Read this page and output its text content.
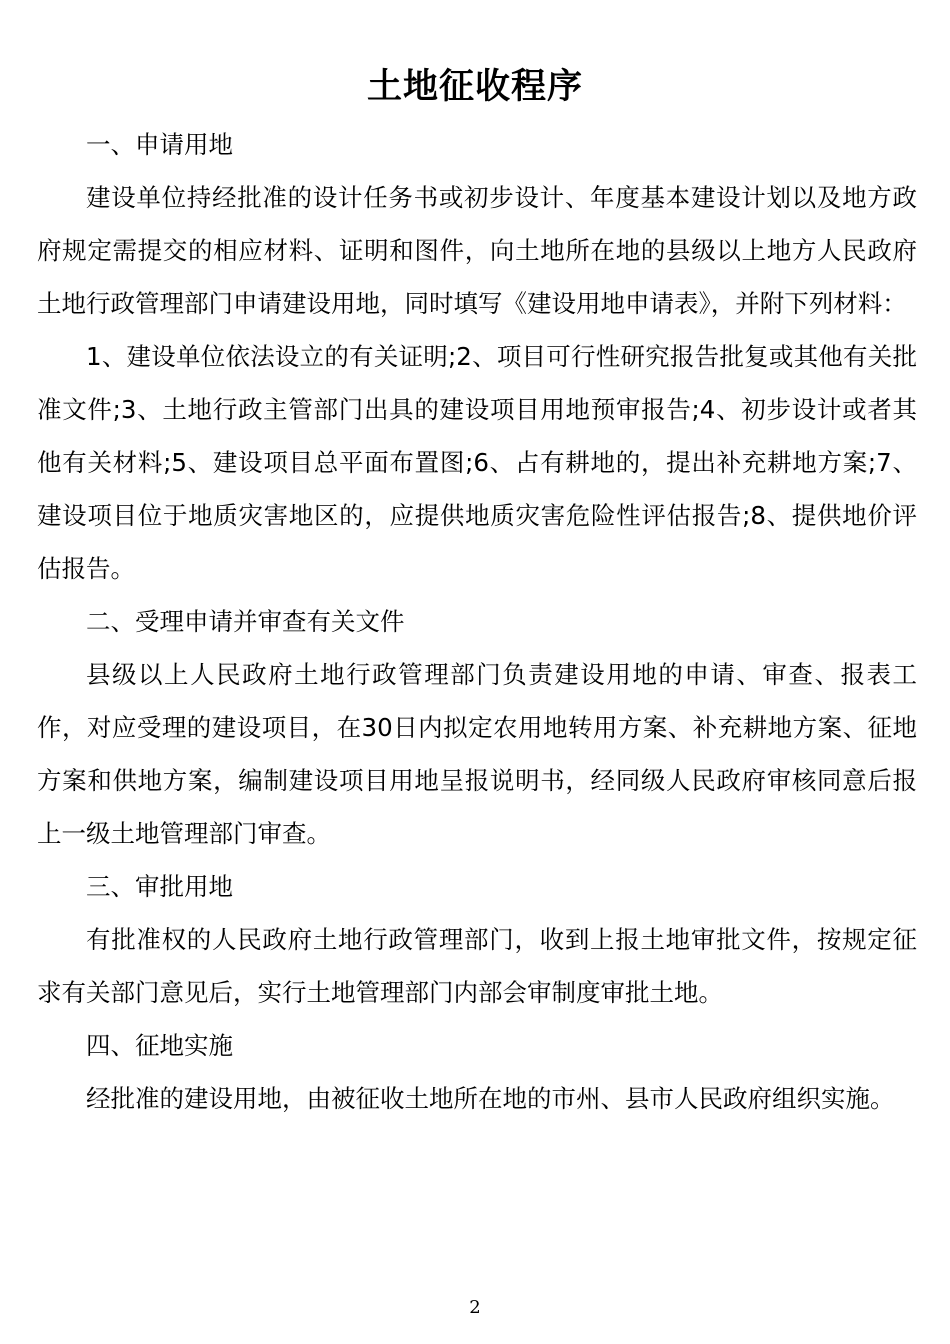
土地征收程序

一、申请用地

建设单位持经批准的设计任务书或初步设计、年度基本建设计划以及地方政府规定需提交的相应材料、证明和图件，向土地所在地的县级以上地方人民政府土地行政管理部门申请建设用地，同时填写《建设用地申请表》，并附下列材料：

1、建设单位依法设立的有关证明;2、项目可行性研究报告批复或其他有关批准文件;3、土地行政主管部门出具的建设项目用地预审报告;4、初步设计或者其他有关材料;5、建设项目总平面布置图;6、占有耕地的，提出补充耕地方案;7、建设项目位于地质灾害地区的，应提供地质灾害危险性评估报告;8、提供地价评估报告。

二、受理申请并审查有关文件

县级以上人民政府土地行政管理部门负责建设用地的申请、审查、报表工作，对应受理的建设项目，在30日内拟定农用地转用方案、补充耕地方案、征地方案和供地方案，编制建设项目用地呈报说明书，经同级人民政府审核同意后报上一级土地管理部门审查。

三、审批用地

有批准权的人民政府土地行政管理部门，收到上报土地审批文件，按规定征求有关部门意见后，实行土地管理部门内部会审制度审批土地。

四、征地实施

经批准的建设用地，由被征收土地所在地的市州、县市人民政府组织实施。

2
